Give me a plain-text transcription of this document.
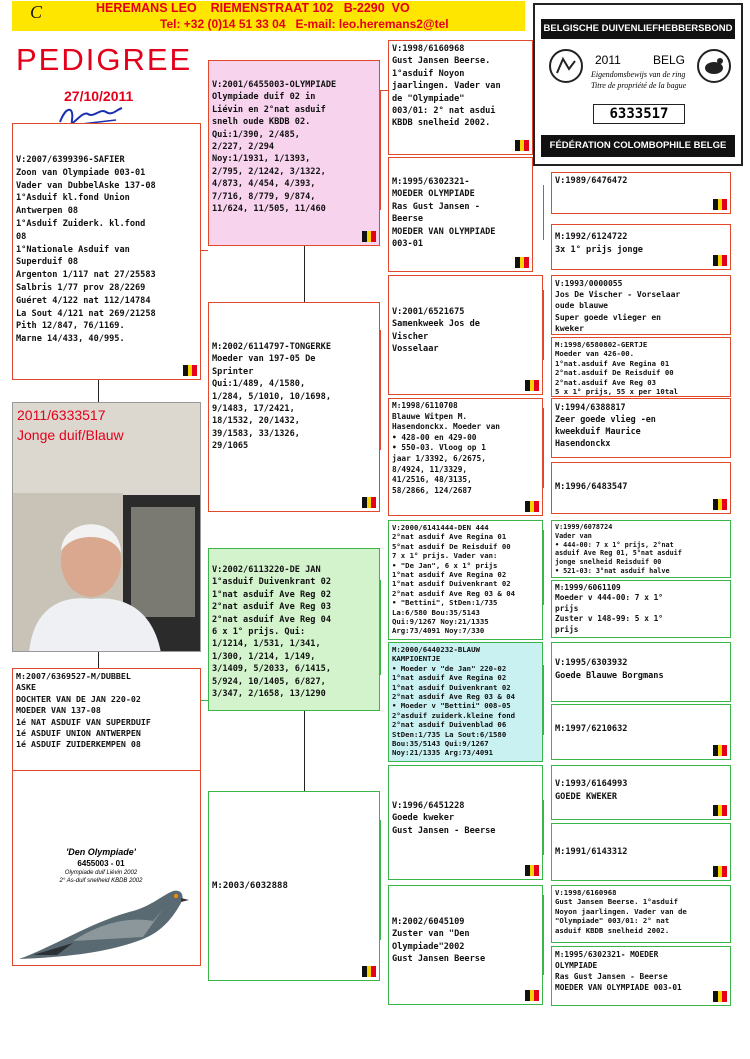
C	HEREMANS LEO    RIEMENSTRAAT 102   B-2290  VO
Tel: +32 (0)14 51 33 04   E-mail: leo.heremans2@tel
PEDIGREE
27/10/2011
BELGISCHE DUIVENLIEFHEBBERSBOND
2011	BELG
Eigendomsbewijs van de ring
Titre de propriété de la bague
6333517
FÉDÉRATION COLOMBOPHILE BELGE
V:2007/6399396-SAFIER
Zoon van Olympiade 003-01
Vader van DubbelAske 137-08
1°Asduif kl.fond Union
Antwerpen 08
1°Asduif Zuiderk. kl.fond
08
1°Nationale Asduif van
Superduif 08
Argenton 1/117 nat 27/25583
Salbris 1/77 prov 28/2269
Guéret 4/122 nat 112/14784
La Sout 4/121 nat 269/21258
Pith 12/847, 76/1169.
Marne 14/433, 40/995.
2011/6333517
Jonge duif/Blauw
M:2007/6369527-M/DUBBEL
ASKE
DOCHTER VAN DE JAN 220-02
MOEDER VAN 137-08
1é NAT ASDUIF VAN SUPERDUIF
1é ASDUIF UNION ANTWERPEN
1é ASDUIF ZUIDERKEMPEN 08
'Den Olympiade'
6455003 - 01
Olympiade duif Liévin 2002
2° As-duif snelheid KBDB 2002
V:2001/6455003-OLYMPIADE
Olympiade duif 02 in
Liévin en 2°nat asduif
snelh oude KBDB 02.
Qui:1/390, 2/485,
2/227, 2/294
Noy:1/1931, 1/1393,
2/795, 2/1242, 3/1322,
4/873, 4/454, 4/393,
7/716, 8/779, 9/874,
11/624, 11/505, 11/460
M:2002/6114797-TONGERKE
Moeder van 197-05 De
Sprinter
Qui:1/489, 4/1580,
1/284, 5/1010, 10/1698,
9/1483, 17/2421,
18/1532, 20/1432,
39/1583, 33/1326,
29/1065
V:2002/6113220-DE JAN
1°asduif Duivenkrant 02
1°nat asduif Ave Reg 02
2°nat asduif Ave Reg 03
2°nat asduif Ave Reg 04
6 x 1° prijs. Qui:
1/1214, 1/531, 1/341,
1/300, 1/214, 1/149,
3/1409, 5/2033, 6/1415,
5/924, 10/1405, 6/827,
3/347, 2/1658, 13/1290
M:2003/6032888
V:1998/6160968
Gust Jansen Beerse.
1°asduif Noyon
jaarlingen. Vader van
de "Olympiade"
003/01: 2° nat asdui
KBDB snelheid 2002.
M:1995/6302321-
MOEDER OLYMPIADE
Ras Gust Jansen -
Beerse
MOEDER VAN OLYMPIADE
003-01
V:2001/6521675
Samenkweek Jos de
Vischer
Vosselaar
M:1998/6110708
Blauwe Witpen M.
Hasendonckx. Moeder van
• 428-00 en 429-00
• 550-03. Vloog op 1
jaar 1/3392, 6/2675,
8/4924, 11/3329,
41/2516, 48/3135,
58/2866, 124/2687
V:2000/6141444-DEN 444
2°nat asduif Ave Regina 01
5°nat asduif De Reisduif 00
7 x 1° prijs. Vader van:
• "De Jan", 6 x 1° prijs
1°nat asduif Ave Regina 02
1°nat asduif Duivenkrant 02
2°nat asduif Ave Reg 03 & 04
• "Bettini", StDen:1/735
La:6/580 Bou:35/5143
Qui:9/1267 Noy:21/1335
Arg:73/4091 Noy:7/330
M:2000/6440232-BLAUW
KAMPIOENTJE
• Moeder v "de Jan" 220-02
1°nat asduif Ave Regina 02
1°nat asduif Duivenkrant 02
2°nat asduif Ave Reg 03 & 04
• Moeder v "Bettini" 008-05
2°asduif zuiderk.kleine fond
2°nat asduif Duivenblad 06
StDen:1/735 La Sout:6/1580
Bou:35/5143 Qui:9/1267
Noy:21/1335 Arg:73/4091
V:1996/6451228
Goede kweker
Gust Jansen - Beerse
M:2002/6045109
Zuster van "Den
Olympiade"2002
Gust Jansen Beerse
V:1989/6476472
M:1992/6124722
3x 1° prijs jonge
V:1993/0000055
Jos De Vischer - Vorselaar
oude blauwe
Super goede vlieger en
kweker
M:1998/6580802-GERTJE
Moeder van 426-00.
1°nat.asduif Ave Regina 01
2°nat.asduif De Reisduif 00
2°nat.asduif Ave Reg 03
5 x 1° prijs, 55 x per 10tal
V:1994/6388817
Zeer goede vlieg -en
kweekduif Maurice
Hasendonckx
M:1996/6483547
V:1999/6078724
Vader van
• 444-00: 7 x 1° prijs, 2°nat
asduif Ave Reg 01, 5°nat asduif
jonge snelheid Reisduif 00
• 521-03: 3°nat asduif halve
M:1999/6061109
Moeder v 444-00: 7 x 1°
prijs
Zuster v 148-99: 5 x 1°
prijs
V:1995/6303932
Goede Blauwe Borgmans
M:1997/6210632
V:1993/6164993
GOEDE KWEKER
M:1991/6143312
V:1998/6160968
Gust Jansen Beerse. 1°asduif
Noyon jaarlingen. Vader van de
"Olympiade" 003/01: 2° nat
asduif KBDB snelheid 2002.
M:1995/6302321- MOEDER
OLYMPIADE
Ras Gust Jansen - Beerse
MOEDER VAN OLYMPIADE 003-01
